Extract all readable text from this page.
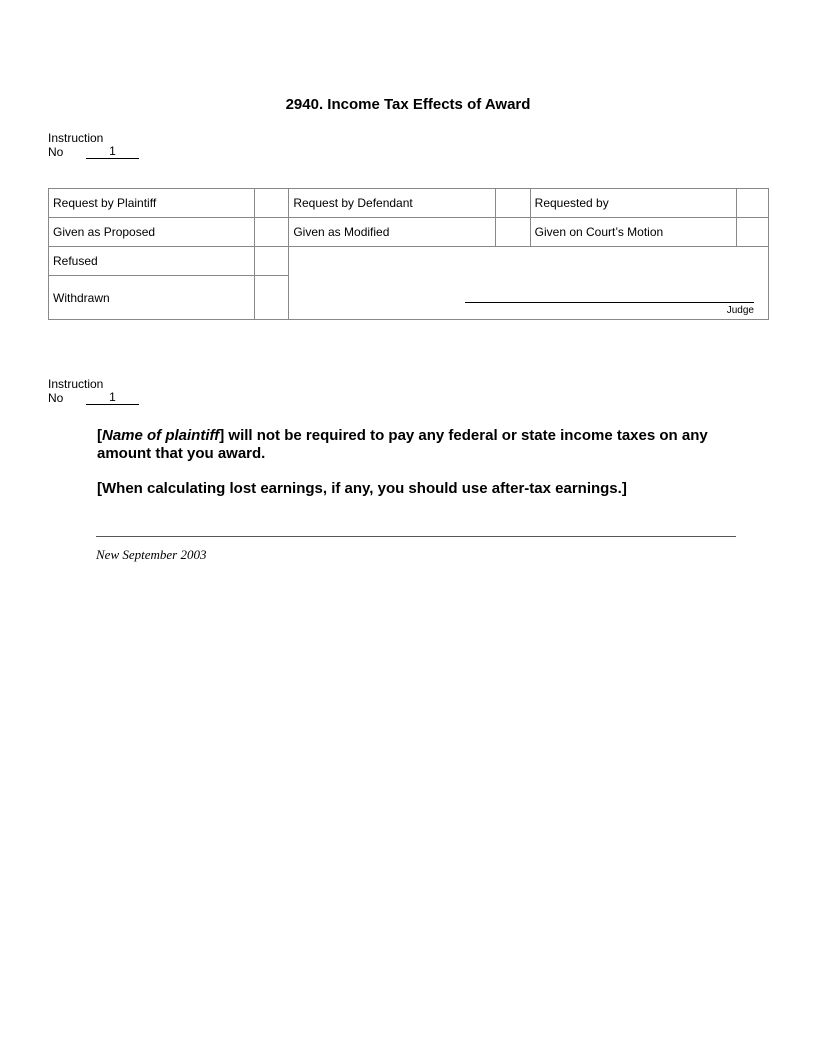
2940. Income Tax Effects of Award
Instruction
No	1
Request by Plaintiff		Request by Defendant		Requested by	
Given as Proposed		Given as Modified		Given on Court’s Motion	
Refused		Judge			

Withdrawn					
Instruction
No	1
[Name of plaintiff] will not be required to pay any federal or state income taxes on any amount that you award.
[When calculating lost earnings, if any, you should use after-tax earnings.]
New September 2003
